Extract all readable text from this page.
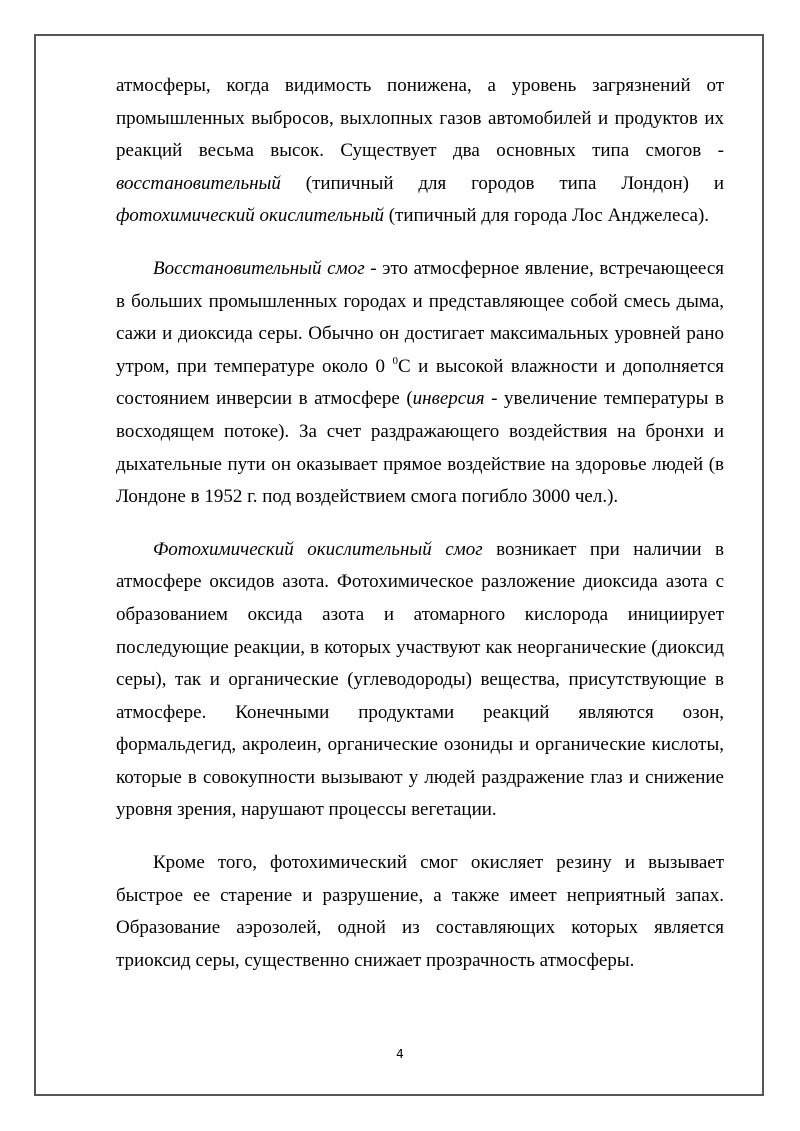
атмосферы, когда видимость понижена, а уровень загрязнений от промышленных выбросов, выхлопных газов автомобилей и продуктов их реакций весьма высок. Существует два основных типа смогов - восстановительный (типичный для городов типа Лондон) и фотохимический окислительный (типичный для города Лос Анджелеса).

Восстановительный смог - это атмосферное явление, встречающееся в больших промышленных городах и представляющее собой смесь дыма, сажи и диоксида серы. Обычно он достигает максимальных уровней рано утром, при температуре около 0 $^0$С и высокой влажности и дополняется состоянием инверсии в атмосфере (инверсия - увеличение температуры в восходящем потоке). За счет раздражающего воздействия на бронхи и дыхательные пути он оказывает прямое воздействие на здоровье людей (в Лондоне в 1952 г. под воздействием смога погибло 3000 чел.).

Фотохимический окислительный смог возникает при наличии в атмосфере оксидов азота. Фотохимическое разложение диоксида азота с образованием оксида азота и атомарного кислорода инициирует последующие реакции, в которых участвуют как неорганические (диоксид серы), так и органические (углеводороды) вещества, присутствующие в атмосфере. Конечными продуктами реакций являются озон, формальдегид, акролеин, органические озониды и органические кислоты, которые в совокупности вызывают у людей раздражение глаз и снижение уровня зрения, нарушают процессы вегетации.

Кроме того, фотохимический смог окисляет резину и вызывает быстрое ее старение и разрушение, а также имеет неприятный запах. Образование аэрозолей, одной из составляющих которых является триоксид серы, существенно снижает прозрачность атмосферы.

4
